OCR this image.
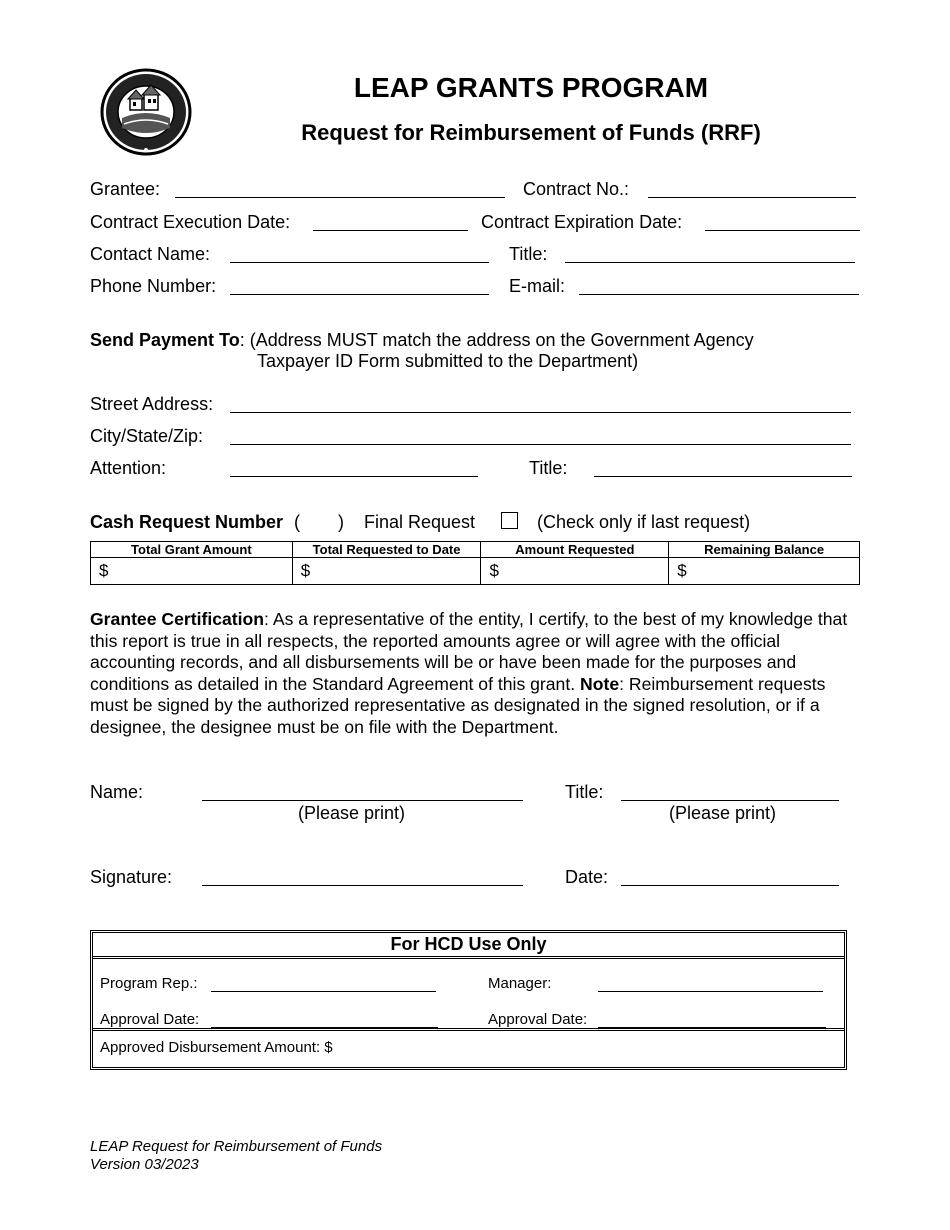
LEAP GRANTS PROGRAM
Request for Reimbursement of Funds (RRF)
Grantee:	Contract No.:
Contract Execution Date:	Contract Expiration Date:
Contact Name:	Title:
Phone Number:	E-mail:
Send Payment To: (Address MUST match the address on the Government Agency
Taxpayer ID Form submitted to the Department)
Street Address:
City/State/Zip:
Attention:	Title:
Cash Request Number ( ) Final Request	(Check only if last request)
Total Grant Amount	Total Requested to Date	Amount Requested	Remaining Balance
$	$	$	$
Grantee Certification: As a representative of the entity, I certify, to the best of my knowledge that this report is true in all respects, the reported amounts agree or will agree with the official accounting records, and all disbursements will be or have been made for the purposes and conditions as detailed in the Standard Agreement of this grant. Note: Reimbursement requests must be signed by the authorized representative as designated in the signed resolution, or if a designee, the designee must be on file with the Department.
Name:
(Please print)
Title:
(Please print)
Signature:	Date:
For HCD Use Only
Program Rep.:	Manager:
Approval Date:	Approval Date:
Approved Disbursement Amount: $
LEAP Request for Reimbursement of Funds
Version 03/2023
